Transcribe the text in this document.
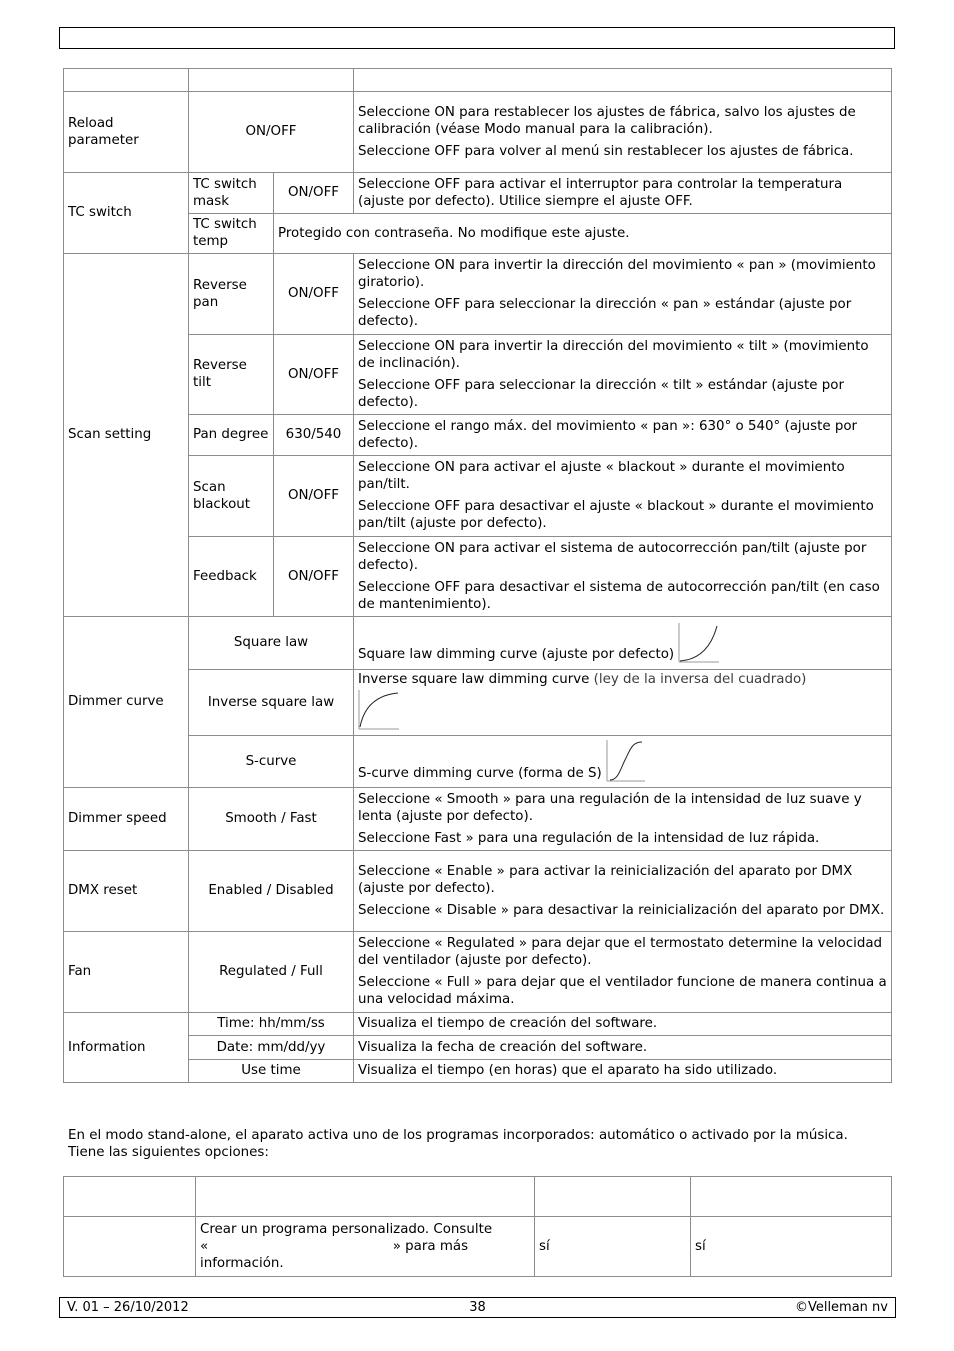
Reload parameter	ON/OFF		Seleccione ON para restablecer los ajustes de fábrica, salvo los ajustes de calibración (véase Modo manual para la calibración).

Seleccione OFF para volver al menú sin restablecer los ajustes de fábrica.

TC switch	TC switch mask	ON/OFF	Seleccione OFF para activar el interruptor para controlar la temperatura (ajuste por defecto). Utilice siempre el ajuste OFF.
	TC switch temp	Protegido con contraseña. No modifique este ajuste.	
Scan setting	Reverse pan	ON/OFF	Seleccione ON para invertir la dirección del movimiento « pan » (movimiento giratorio).

Seleccione OFF para seleccionar la dirección « pan » estándar (ajuste por defecto).

	Reverse tilt	ON/OFF	Seleccione ON para invertir la dirección del movimiento « tilt » (movimiento de inclinación).

Seleccione OFF para seleccionar la dirección « tilt » estándar (ajuste por defecto).

	Pan degree	630/540	Seleccione el rango máx. del movimiento « pan »: 630° o 540° (ajuste por defecto).
	Scan blackout	ON/OFF	Seleccione ON para activar el ajuste « blackout » durante el movimiento pan/tilt.

Seleccione OFF para desactivar el ajuste « blackout » durante el movimiento pan/tilt (ajuste por defecto).

	Feedback	ON/OFF	Seleccione ON para activar el sistema de autocorrección pan/tilt (ajuste por defecto).

Seleccione OFF para desactivar el sistema de autocorrección pan/tilt (en caso de mantenimiento).

Dimmer curve	Square law		Square law dimming curve (ajuste por defecto)
	Inverse square law		Inverse square law dimming curve (ley de la inversa del cuadrado)

	S-curve		S-curve dimming curve (forma de S)
Dimmer speed	Smooth / Fast		Seleccione « Smooth » para una regulación de la intensidad de luz suave y lenta (ajuste por defecto).

Seleccione Fast » para una regulación de la intensidad de luz rápida.

DMX reset	Enabled / Disabled		Seleccione « Enable » para activar la reinicialización del aparato por DMX (ajuste por defecto).

Seleccione « Disable » para desactivar la reinicialización del aparato por DMX.

Fan	Regulated / Full		Seleccione « Regulated » para dejar que el termostato determine la velocidad del ventilador (ajuste por defecto).

Seleccione « Full » para dejar que el ventilador funcione de manera continua a una velocidad máxima.

Information	Time: hh/mm/ss		Visualiza el tiempo de creación del software.
	Date: mm/dd/yy		Visualiza la fecha de creación del software.
	Use time		Visualiza el tiempo (en horas) que el aparato ha sido utilizado.
En el modo stand-alone, el aparato activa uno de los programas incorporados: automático o activado por la música. Tiene las siguientes opciones:

	Crear un programa personalizado. Consulte « » para más información.	sí	sí
V. 01 – 26/10/2012	38	©Velleman nv
